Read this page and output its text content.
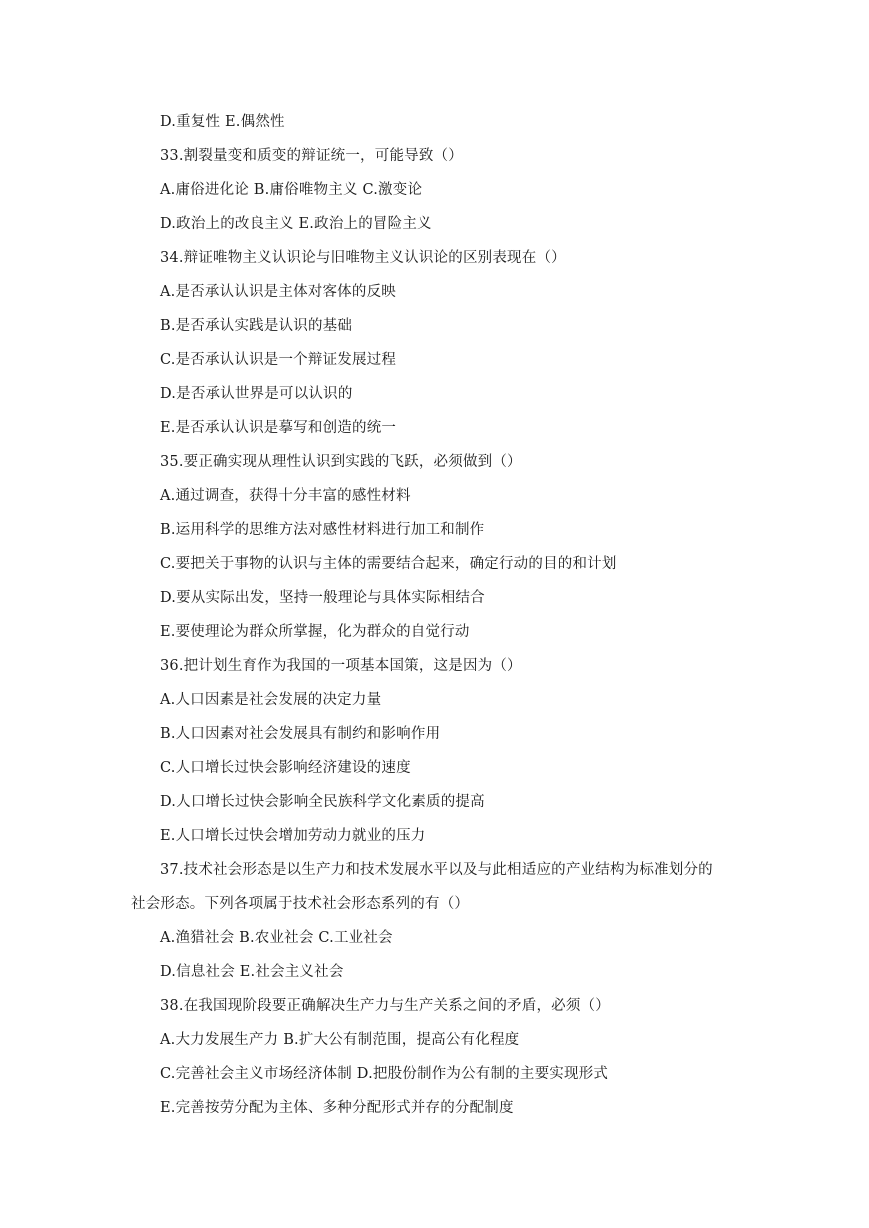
D.重复性 E.偶然性
33.割裂量变和质变的辩证统一，可能导致（）
A.庸俗进化论 B.庸俗唯物主义 C.激变论
D.政治上的改良主义 E.政治上的冒险主义
34.辩证唯物主义认识论与旧唯物主义认识论的区别表现在（）
A.是否承认认识是主体对客体的反映
B.是否承认实践是认识的基础
C.是否承认认识是一个辩证发展过程
D.是否承认世界是可以认识的
E.是否承认认识是摹写和创造的统一
35.要正确实现从理性认识到实践的飞跃，必须做到（）
A.通过调查，获得十分丰富的感性材料
B.运用科学的思维方法对感性材料进行加工和制作
C.要把关于事物的认识与主体的需要结合起来，确定行动的目的和计划
D.要从实际出发，坚持一般理论与具体实际相结合
E.要使理论为群众所掌握，化为群众的自觉行动
36.把计划生育作为我国的一项基本国策，这是因为（）
A.人口因素是社会发展的决定力量
B.人口因素对社会发展具有制约和影响作用
C.人口增长过快会影响经济建设的速度
D.人口增长过快会影响全民族科学文化素质的提高
E.人口增长过快会增加劳动力就业的压力
37.技术社会形态是以生产力和技术发展水平以及与此相适应的产业结构为标准划分的
社会形态。下列各项属于技术社会形态系列的有（）
A.渔猎社会 B.农业社会 C.工业社会
D.信息社会 E.社会主义社会
38.在我国现阶段要正确解决生产力与生产关系之间的矛盾，必须（）
A.大力发展生产力 B.扩大公有制范围，提高公有化程度
C.完善社会主义市场经济体制 D.把股份制作为公有制的主要实现形式
E.完善按劳分配为主体、多种分配形式并存的分配制度
